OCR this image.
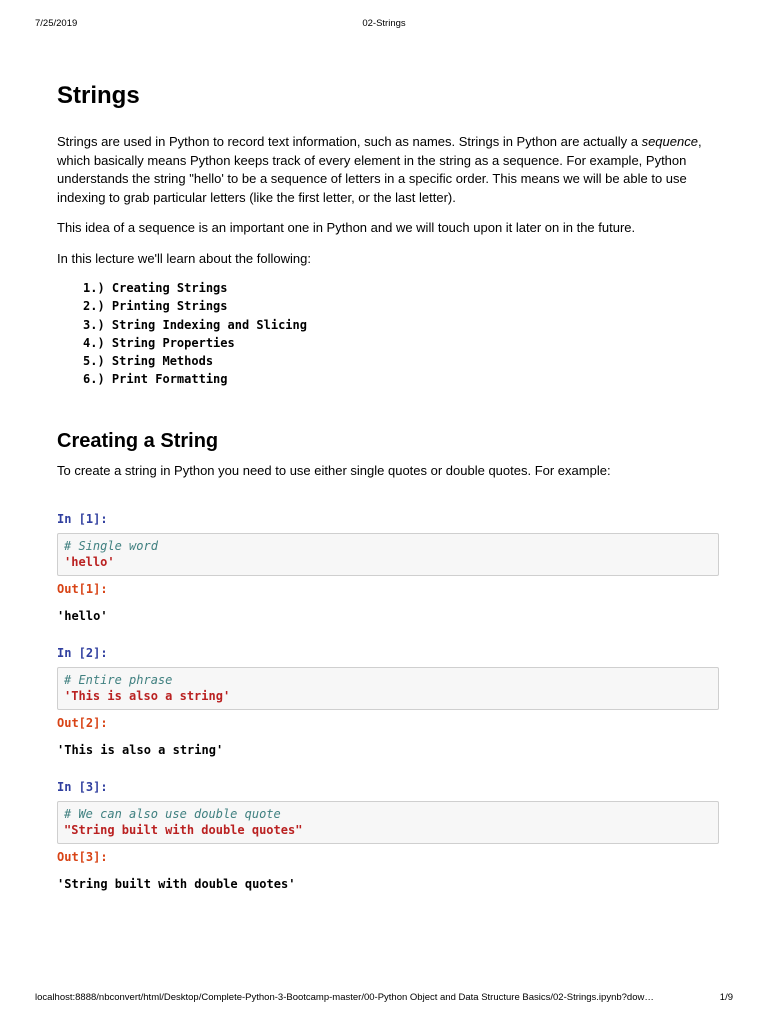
7/25/2019	02-Strings
Strings

Strings are used in Python to record text information, such as names. Strings in Python are actually a sequence, which basically means Python keeps track of every element in the string as a sequence. For example, Python understands the string "hello' to be a sequence of letters in a specific order. This means we will be able to use indexing to grab particular letters (like the first letter, or the last letter).

This idea of a sequence is an important one in Python and we will touch upon it later on in the future.

In this lecture we'll learn about the following:

1.) Creating Strings
2.) Printing Strings
3.) String Indexing and Slicing
4.) String Properties
5.) String Methods
6.) Print Formatting
Creating a String

To create a string in Python you need to use either single quotes or double quotes. For example:

In [1]:
# Single word
'hello'
Out[1]:
'hello'
In [2]:
# Entire phrase
'This is also a string'
Out[2]:
'This is also a string'
In [3]:
# We can also use double quote
"String built with double quotes"
Out[3]:
'String built with double quotes'
localhost:8888/nbconvert/html/Desktop/Complete-Python-3-Bootcamp-master/00-Python Object and Data Structure Basics/02-Strings.ipynb?dow…	1/9
